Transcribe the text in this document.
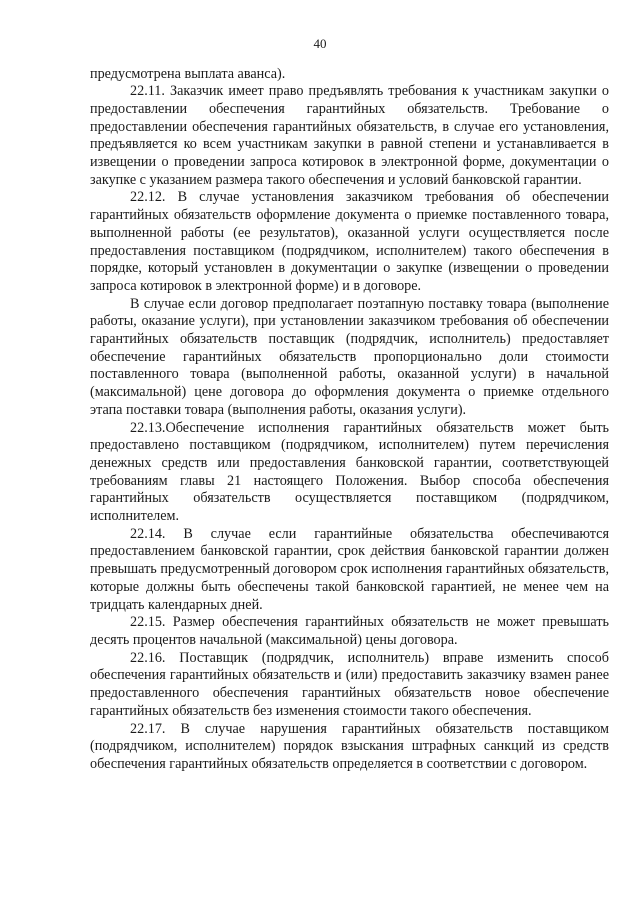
40

предусмотрена выплата аванса).

22.11. Заказчик имеет право предъявлять требования к участникам закупки о предоставлении обеспечения гарантийных обязательств. Требование о предоставлении обеспечения гарантийных обязательств, в случае его установления, предъявляется ко всем участникам закупки в равной степени и устанавливается в извещении о проведении запроса котировок в электронной форме, документации о закупке с указанием размера такого обеспечения и условий банковской гарантии.

22.12. В случае установления заказчиком требования об обеспечении гарантийных обязательств оформление документа о приемке поставленного товара, выполненной работы (ее результатов), оказанной услуги осуществляется после предоставления поставщиком (подрядчиком, исполнителем) такого обеспечения в порядке, который установлен в документации о закупке (извещении о проведении запроса котировок в электронной форме) и в договоре.

В случае если договор предполагает поэтапную поставку товара (выполнение работы, оказание услуги), при установлении заказчиком требования об обеспечении гарантийных обязательств поставщик (подрядчик, исполнитель) предоставляет обеспечение гарантийных обязательств пропорционально доли стоимости поставленного товара (выполненной работы, оказанной услуги) в начальной (максимальной) цене договора до оформления документа о приемке отдельного этапа поставки товара (выполнения работы, оказания услуги).

22.13.Обеспечение исполнения гарантийных обязательств может быть предоставлено поставщиком (подрядчиком, исполнителем) путем перечисления денежных средств или предоставления банковской гарантии, соответствующей требованиям главы 21 настоящего Положения. Выбор способа обеспечения гарантийных обязательств осуществляется поставщиком (подрядчиком, исполнителем.

22.14. В случае если гарантийные обязательства обеспечиваются предоставлением банковской гарантии, срок действия банковской гарантии должен превышать предусмотренный договором срок исполнения гарантийных обязательств, которые должны быть обеспечены такой банковской гарантией, не менее чем на тридцать календарных дней.

22.15. Размер обеспечения гарантийных обязательств не может превышать десять процентов начальной (максимальной) цены договора.

22.16. Поставщик (подрядчик, исполнитель) вправе изменить способ обеспечения гарантийных обязательств и (или) предоставить заказчику взамен ранее предоставленного обеспечения гарантийных обязательств новое обеспечение гарантийных обязательств без изменения стоимости такого обеспечения.

22.17. В случае нарушения гарантийных обязательств поставщиком (подрядчиком, исполнителем) порядок взыскания штрафных санкций из средств обеспечения гарантийных обязательств определяется в соответствии с договором.
